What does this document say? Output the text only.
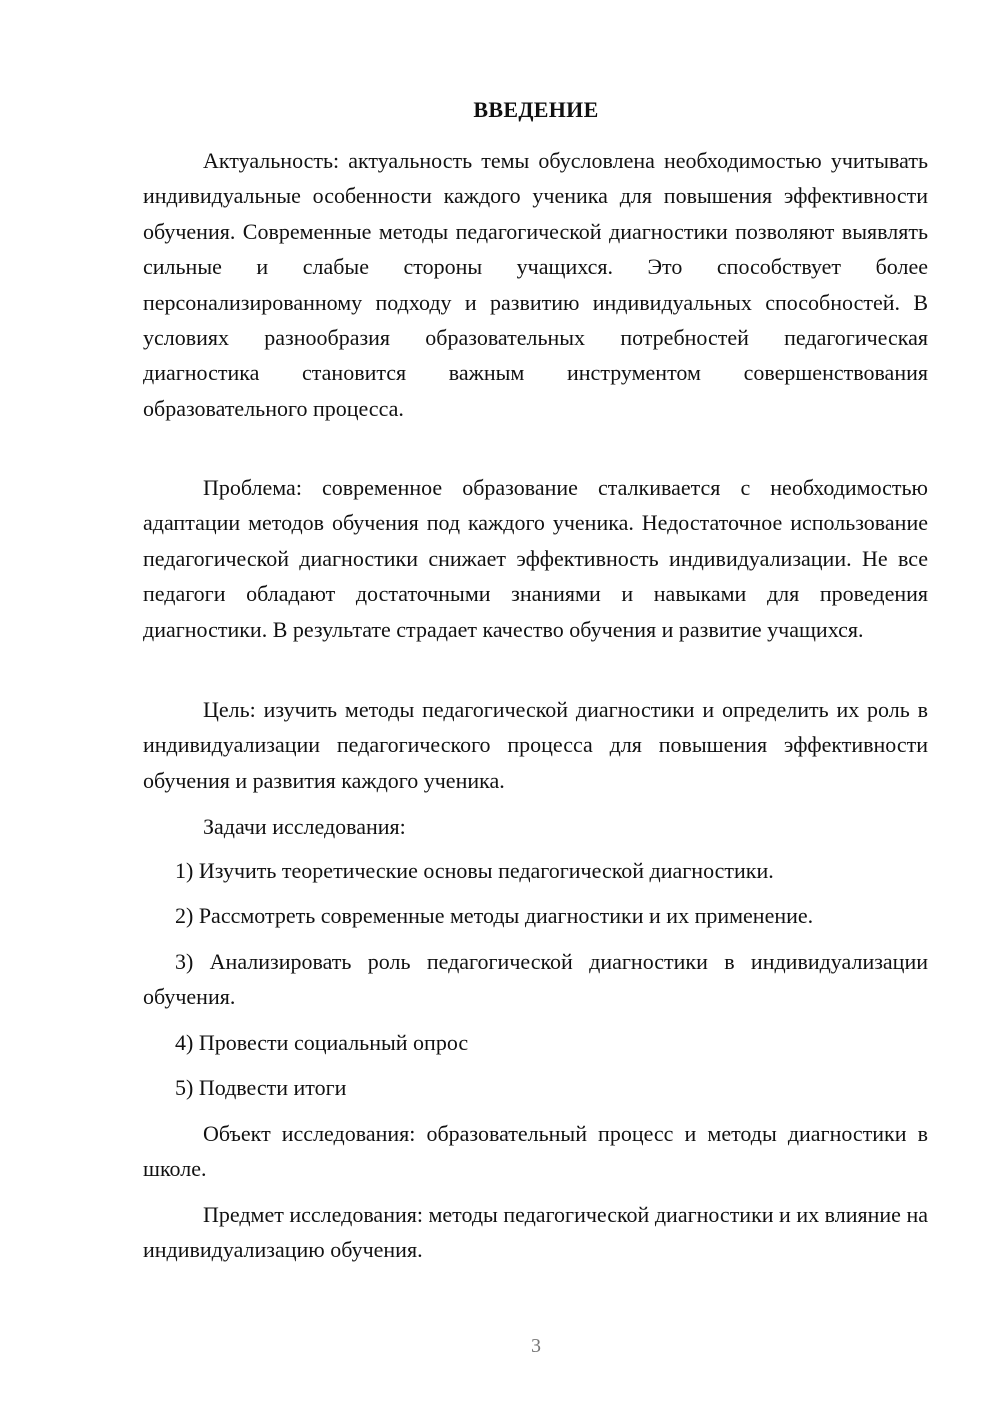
ВВЕДЕНИЕ

Актуальность: актуальность темы обусловлена необходимостью учитывать индивидуальные особенности каждого ученика для повышения эффективности обучения. Современные методы педагогической диагностики позволяют выявлять сильные и слабые стороны учащихся. Это способствует более персонализированному подходу и развитию индивидуальных способностей. В условиях разнообразия образовательных потребностей педагогическая диагностика становится важным инструментом совершенствования образовательного процесса.

Проблема: современное образование сталкивается с необходимостью адаптации методов обучения под каждого ученика. Недостаточное использование педагогической диагностики снижает эффективность индивидуализации. Не все педагоги обладают достаточными знаниями и навыками для проведения диагностики. В результате страдает качество обучения и развитие учащихся.

Цель: изучить методы педагогической диагностики и определить их роль в индивидуализации педагогического процесса для повышения эффективности обучения и развития каждого ученика.

Задачи исследования:

1) Изучить теоретические основы педагогической диагностики.

2) Рассмотреть современные методы диагностики и их применение.

3) Анализировать роль педагогической диагностики в индивидуализации обучения.

4) Провести социальный опрос

5) Подвести итоги

Объект исследования: образовательный процесс и методы диагностики в школе.

Предмет исследования: методы педагогической диагностики и их влияние на индивидуализацию обучения.

3
